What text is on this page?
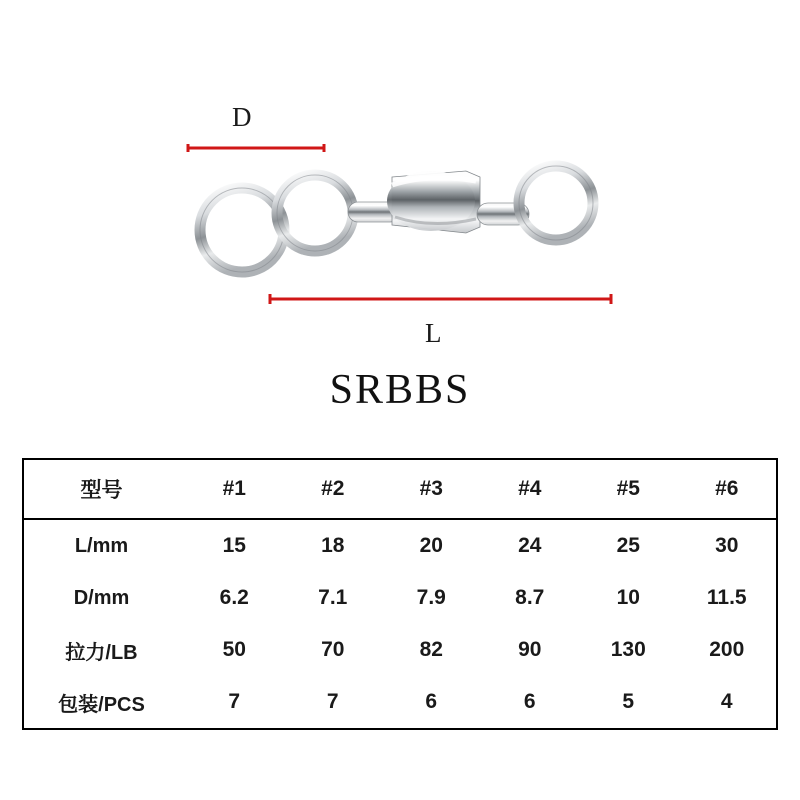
D
L
SRBBS
型号	#1	#2	#3	#4	#5	#6
L/mm	15	18	20	24	25	30
D/mm	6.2	7.1	7.9	8.7	10	11.5
拉力/LB	50	70	82	90	130	200
包装/PCS	7	7	6	6	5	4
